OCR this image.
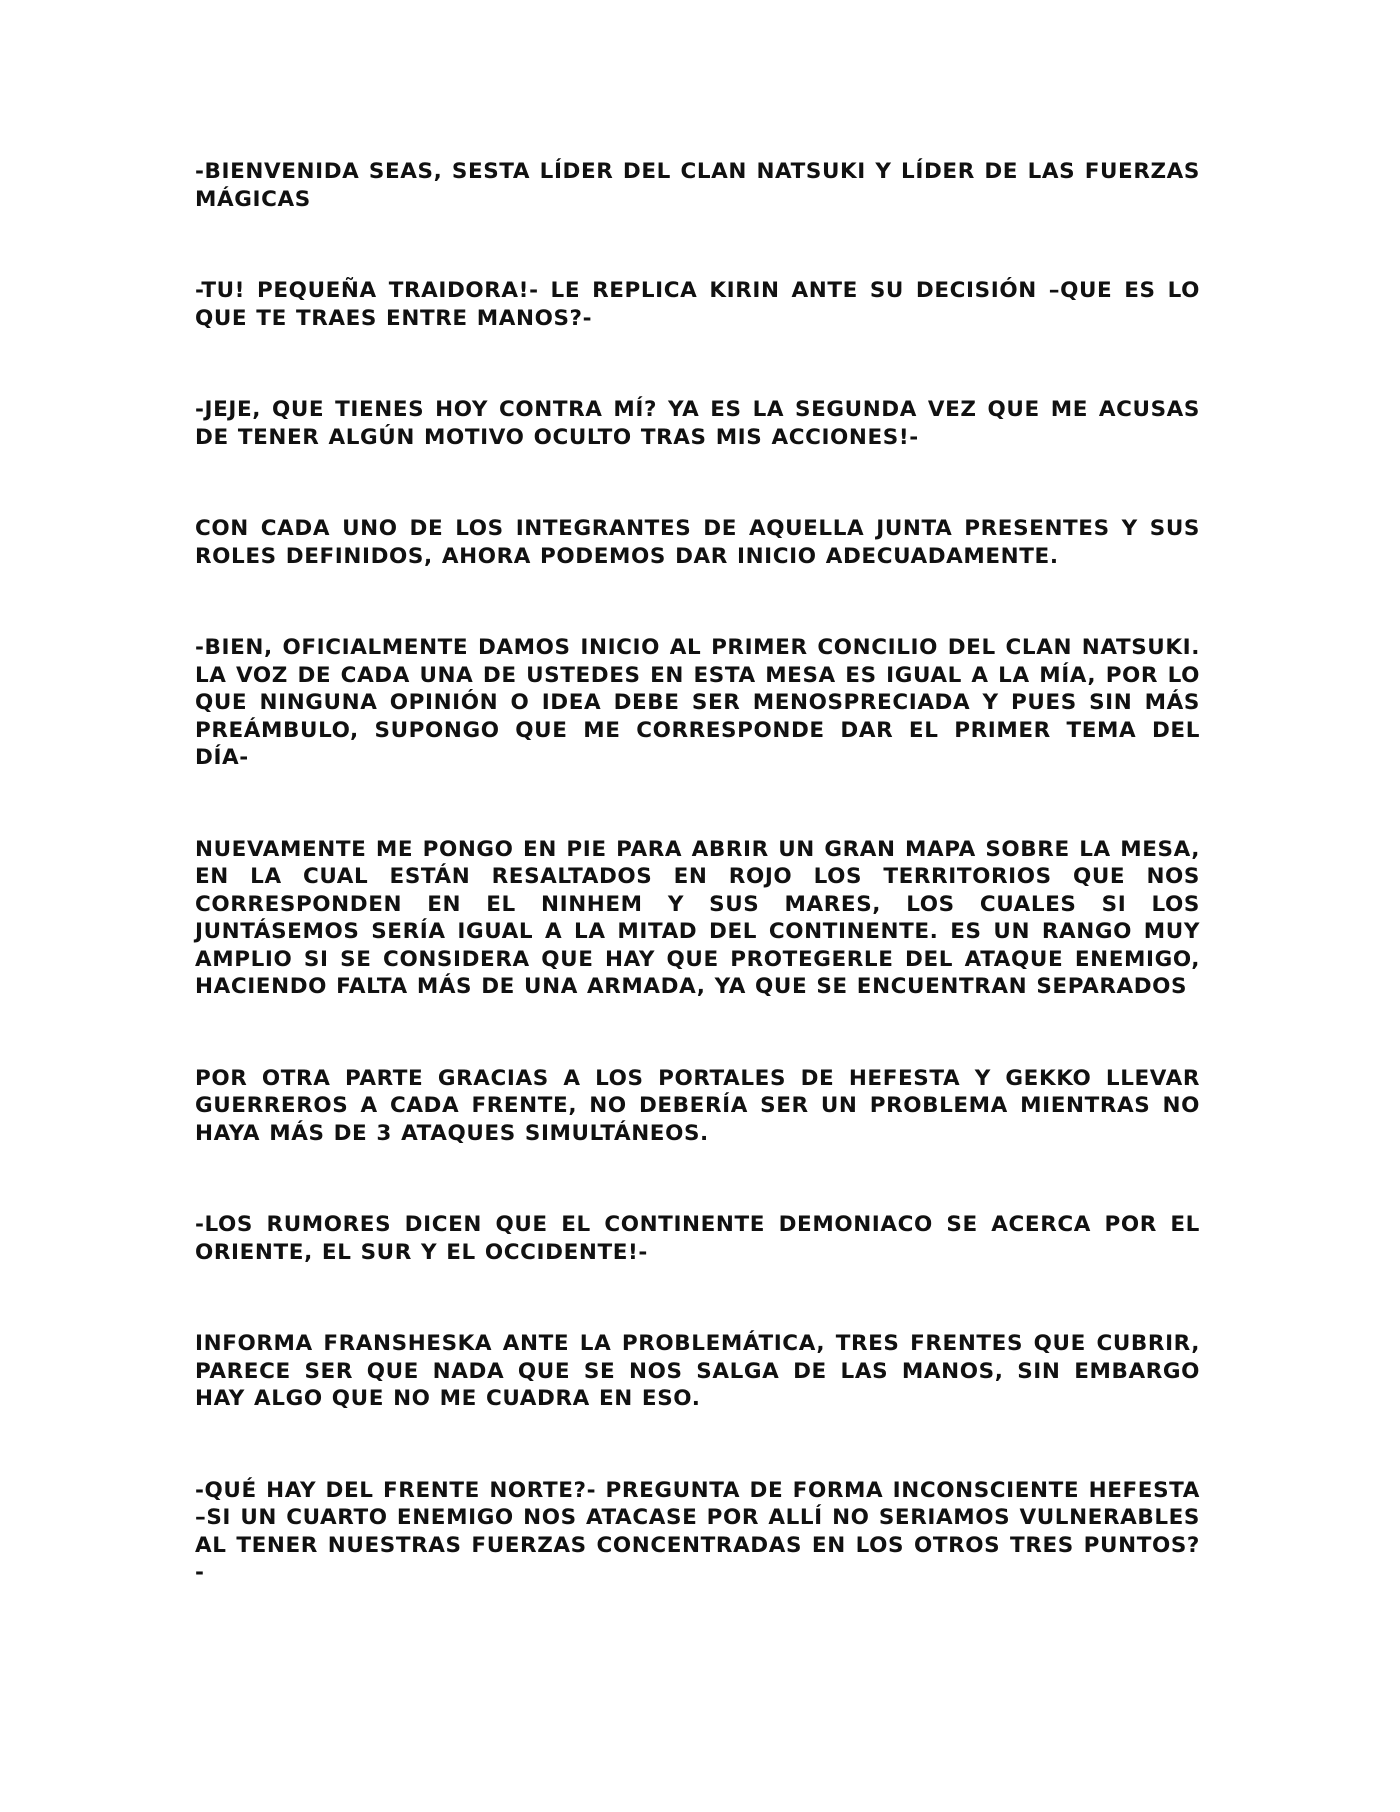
-BIENVENIDA SEAS, SESTA LÍDER DEL CLAN NATSUKI Y LÍDER DE LAS FUERZAS MÁGICAS

-TU! PEQUEÑA TRAIDORA!- LE REPLICA KIRIN ANTE SU DECISIÓN –QUE ES LO QUE TE TRAES ENTRE MANOS?-

-JEJE, QUE TIENES HOY CONTRA MÍ? YA ES LA SEGUNDA VEZ QUE ME ACUSAS DE TENER ALGÚN MOTIVO OCULTO TRAS MIS ACCIONES!-

CON CADA UNO DE LOS INTEGRANTES DE AQUELLA JUNTA PRESENTES Y SUS ROLES DEFINIDOS, AHORA PODEMOS DAR INICIO ADECUADAMENTE.

-BIEN, OFICIALMENTE DAMOS INICIO AL PRIMER CONCILIO DEL CLAN NATSUKI. LA VOZ DE CADA UNA DE USTEDES EN ESTA MESA ES IGUAL A LA MÍA, POR LO QUE NINGUNA OPINIÓN O IDEA DEBE SER MENOSPRECIADA Y PUES SIN MÁS PREÁMBULO, SUPONGO QUE ME CORRESPONDE DAR EL PRIMER TEMA DEL DÍA-

NUEVAMENTE ME PONGO EN PIE PARA ABRIR UN GRAN MAPA SOBRE LA MESA, EN LA CUAL ESTÁN RESALTADOS EN ROJO LOS TERRITORIOS QUE NOS CORRESPONDEN EN EL NINHEM Y SUS MARES, LOS CUALES SI LOS JUNTÁSEMOS SERÍA IGUAL A LA MITAD DEL CONTINENTE. ES UN RANGO MUY AMPLIO SI SE CONSIDERA QUE HAY QUE PROTEGERLE DEL ATAQUE ENEMIGO, HACIENDO FALTA MÁS DE UNA ARMADA, YA QUE SE ENCUENTRAN SEPARADOS

POR OTRA PARTE GRACIAS A LOS PORTALES DE HEFESTA Y GEKKO LLEVAR GUERREROS A CADA FRENTE, NO DEBERÍA SER UN PROBLEMA MIENTRAS NO HAYA MÁS DE 3 ATAQUES SIMULTÁNEOS.

-LOS RUMORES DICEN QUE EL CONTINENTE DEMONIACO SE ACERCA POR EL ORIENTE, EL SUR Y EL OCCIDENTE!-

INFORMA FRANSHESKA ANTE LA PROBLEMÁTICA, TRES FRENTES QUE CUBRIR, PARECE SER QUE NADA QUE SE NOS SALGA DE LAS MANOS, SIN EMBARGO HAY ALGO QUE NO ME CUADRA EN ESO.

-QUÉ HAY DEL FRENTE NORTE?- PREGUNTA DE FORMA INCONSCIENTE HEFESTA –SI UN CUARTO ENEMIGO NOS ATACASE POR ALLÍ NO SERIAMOS VULNERABLES AL TENER NUESTRAS FUERZAS CONCENTRADAS EN LOS OTROS TRES PUNTOS?-
